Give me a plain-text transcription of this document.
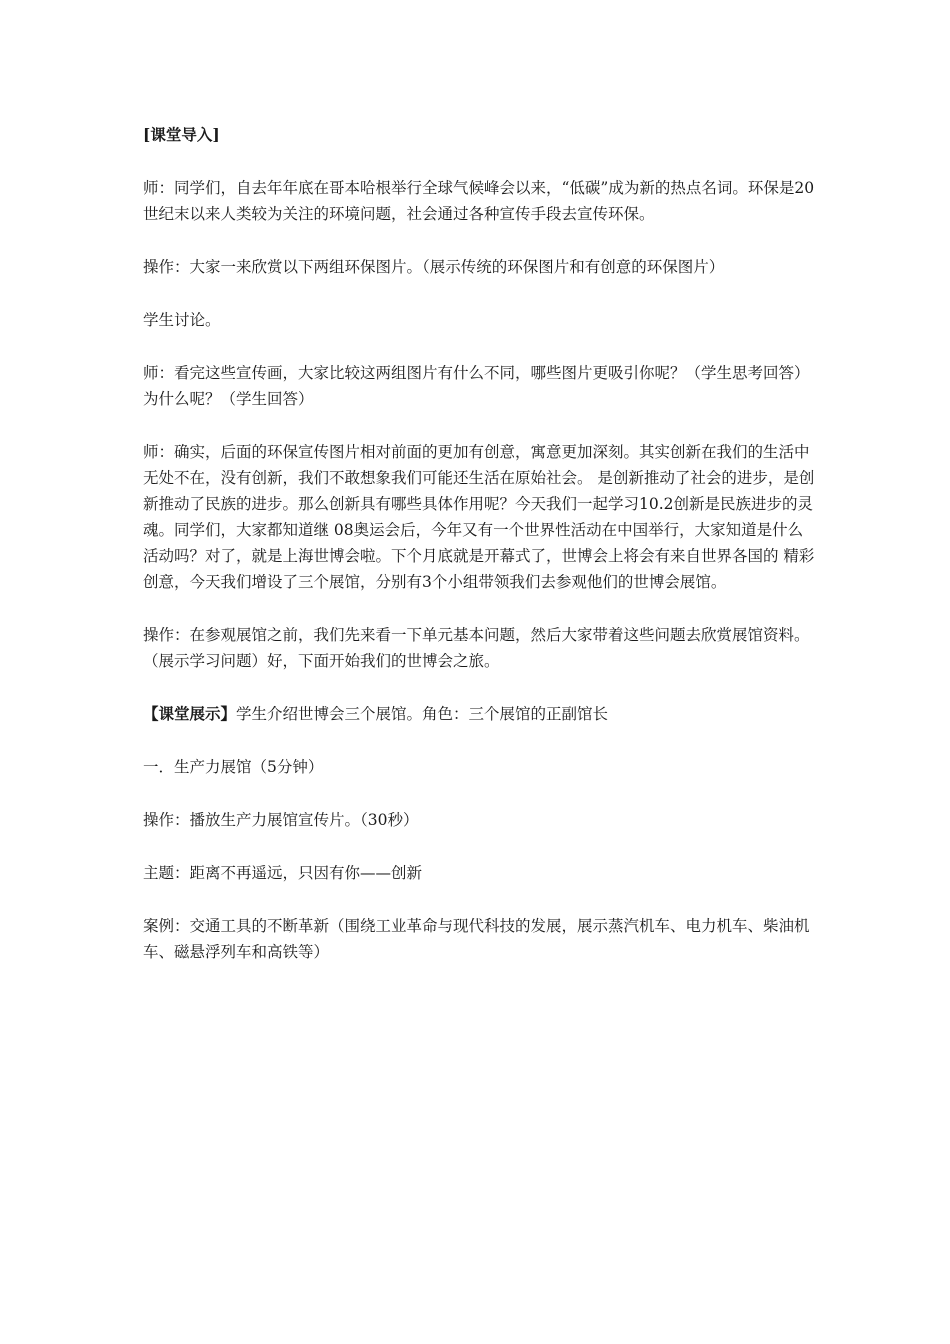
[课堂导入]

师：同学们，自去年年底在哥本哈根举行全球气候峰会以来，“低碳”成为新的热点名词。环保是20世纪末以来人类较为关注的环境问题，社会通过各种宣传手段去宣传环保。

操作：大家一来欣赏以下两组环保图片。（展示传统的环保图片和有创意的环保图片）

学生讨论。

师：看完这些宣传画，大家比较这两组图片有什么不同，哪些图片更吸引你呢？（学生思考回答）为什么呢？（学生回答）

师：确实，后面的环保宣传图片相对前面的更加有创意，寓意更加深刻。其实创新在我们的生活中无处不在，没有创新，我们不敢想象我们可能还生活在原始社会。 是创新推动了社会的进步，是创新推动了民族的进步。那么创新具有哪些具体作用呢？今天我们一起学习10.2创新是民族进步的灵魂。同学们，大家都知道继 08奥运会后，今年又有一个世界性活动在中国举行，大家知道是什么活动吗？对了，就是上海世博会啦。下个月底就是开幕式了，世博会上将会有来自世界各国的 精彩创意，今天我们增设了三个展馆，分别有3个小组带领我们去参观他们的世博会展馆。

操作：在参观展馆之前，我们先来看一下单元基本问题，然后大家带着这些问题去欣赏展馆资料。（展示学习问题）好，下面开始我们的世博会之旅。

【课堂展示】学生介绍世博会三个展馆。角色：三个展馆的正副馆长

一．生产力展馆（5分钟）

操作：播放生产力展馆宣传片。（30秒）

主题：距离不再遥远，只因有你——创新

案例：交通工具的不断革新（围绕工业革命与现代科技的发展，展示蒸汽机车、电力机车、柴油机车、磁悬浮列车和高铁等）
